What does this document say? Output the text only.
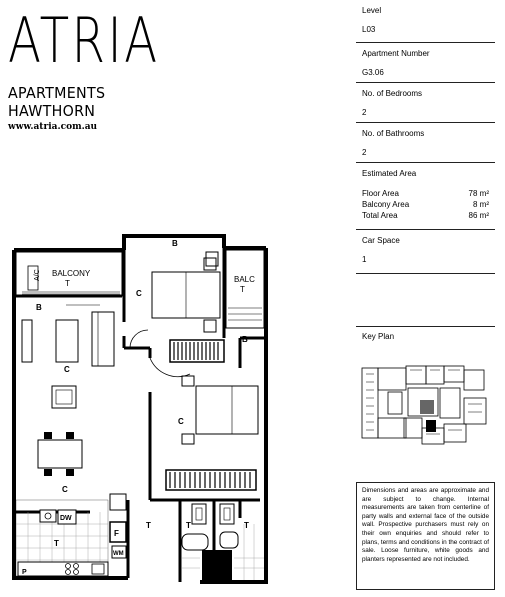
ATRIA
APARTMENTS HAWTHORN
www.atria.com.au
Level
L03
Apartment Number
G3.06
No. of Bedrooms
2
No. of Bathrooms
2
Estimated Area
Floor Area	78 m²
Balcony Area	8 m²
Total Area	86 m²
Car Space
1
Key Plan
Dimensions and areas are approximate and are subject to change. Internal measurements are taken from centerline of party walls and external face of the outside wall. Prospective purchasers must rely on their own enquiries and should refer to plans, terms and conditions in the contract of sale. Loose furniture, white goods and planters represented are not included.
A/C BALCONY
T	BALC
T
B
C
B
C
C
B
C
DW
P
T
F
WM
T	T	T
